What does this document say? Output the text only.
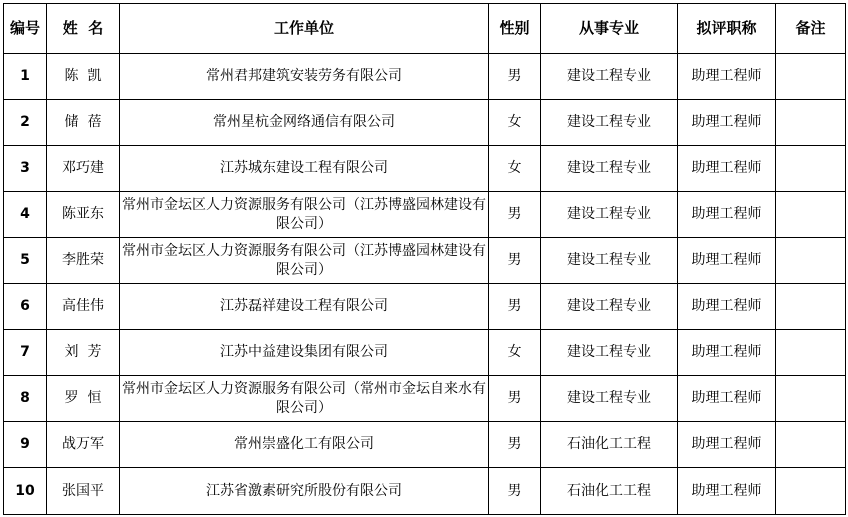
编号	姓  名	工作单位	性别	从事专业	拟评职称	备注
1	陈  凯	常州君邦建筑安装劳务有限公司	男	建设工程专业	助理工程师	
2	储  蓓	常州星杭金网络通信有限公司	女	建设工程专业	助理工程师	
3	邓巧建	江苏城东建设工程有限公司	女	建设工程专业	助理工程师	
4	陈亚东	常州市金坛区人力资源服务有限公司（江苏博盛园林建设有限公司）	男	建设工程专业	助理工程师	
5	李胜荣	常州市金坛区人力资源服务有限公司（江苏博盛园林建设有限公司）	男	建设工程专业	助理工程师	
6	高佳伟	江苏磊祥建设工程有限公司	男	建设工程专业	助理工程师	
7	刘  芳	江苏中益建设集团有限公司	女	建设工程专业	助理工程师	
8	罗  恒	常州市金坛区人力资源服务有限公司（常州市金坛自来水有限公司）	男	建设工程专业	助理工程师	
9	战万军	常州崇盛化工有限公司	男	石油化工工程	助理工程师	
10	张国平	江苏省激素研究所股份有限公司	男	石油化工工程	助理工程师	
